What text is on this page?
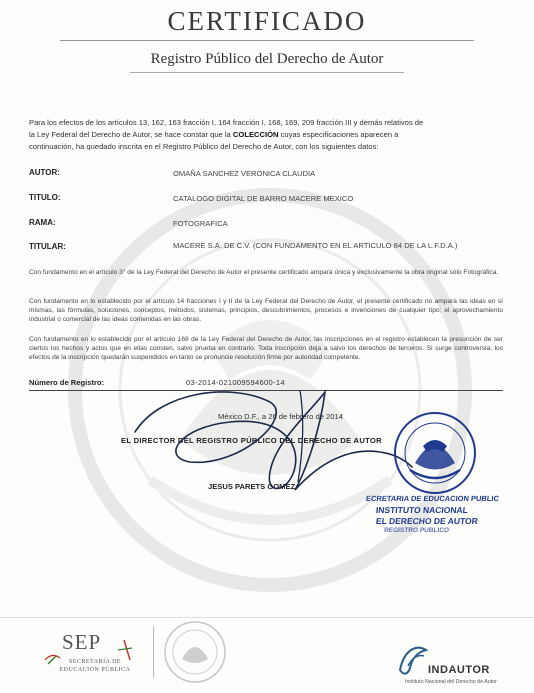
CERTIFICADO
Registro Público del Derecho de Autor
Para los efectos de los artículos 13, 162, 163 fracción I, 164 fracción I, 168, 169, 209 fracción III y demás relativos de
la Ley Federal del Derecho de Autor, se hace constar que la COLECCIÓN cuyas especificaciones aparecen a
continuación, ha quedado inscrita en el Registro Público del Derecho de Autor, con los siguientes datos:
AUTOR:	OMAÑA SANCHEZ VERONICA CLAUDIA
TITULO:	CATALOGO DIGITAL DE BARRO MACERE MEXICO
RAMA:	FOTOGRAFICA
TITULAR:	MACERE S.A. DE C.V. (CON FUNDAMENTO EN EL ARTICULO 84 DE LA L.F.D.A.)
Con fundamento en el artículo 3° de la Ley Federal del Derecho de Autor el presente certificado ampara única y exclusivamente la obra original sólo Fotográfica.
Con fundamento en lo establecido por el artículo 14 fracciones I y II de la Ley Federal del Derecho de Autor, el presente certificado no ampara las ideas en sí mismas, las fórmulas, soluciones, conceptos, métodos, sistemas, principios, descubrimientos, procesos e invenciones de cualquier tipo; el aprovechamiento industrial o comercial de las ideas contenidas en las obras.
Con fundamento en lo establecido por el artículo 168 de la Ley Federal del Derecho de Autor, las inscripciones en el registro establecen la presunción de ser ciertos los hechos y actos que en ellas consten, salvo prueba en contrario. Toda inscripción deja a salvo los derechos de terceros. Si surge controversia, los efectos de la inscripción quedarán suspendidos en tanto se pronuncie resolución firme por autoridad competente.
Número de Registro:	03-2014-021009594600-14
México D.F., a 26 de febrero de 2014
EL DIRECTOR DEL REGISTRO PÚBLICO DEL DERECHO DE AUTOR
JESUS PARETS GOMEZ
ECRETARIA DE EDUCACION PUBLIC
INSTITUTO NACIONAL
EL DERECHO DE AUTOR
REGISTRO PUBLICO
SEP
SECRETARÍA DE
EDUCACIÓN PÚBLICA	INDAUTOR
Instituto Nacional del Derecho de Autor
